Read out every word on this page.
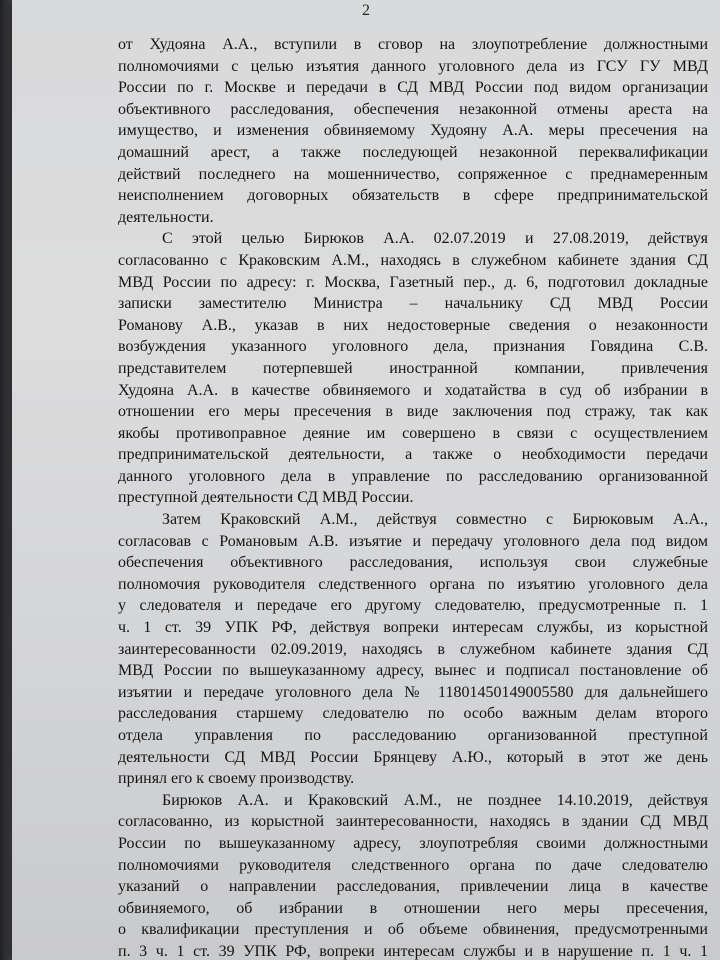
2
от Худояна А.А., вступили в сговор на злоупотребление должностными
полномочиями с целью изъятия данного уголовного дела из ГСУ ГУ МВД
России по г. Москве и передачи в СД МВД России под видом организации
объективного расследования, обеспечения незаконной отмены ареста на
имущество, и изменения обвиняемому Худояну А.А. меры пресечения на
домашний арест, а также последующей незаконной переквалификации
действий последнего на мошенничество, сопряженное с преднамеренным
неисполнением договорных обязательств в сфере предпринимательской
деятельности.
С этой целью Бирюков А.А. 02.07.2019 и 27.08.2019, действуя
согласованно с Краковским А.М., находясь в служебном кабинете здания СД
МВД России по адресу: г. Москва, Газетный пер., д. 6, подготовил докладные
записки заместителю Министра – начальнику СД МВД России
Романову А.В., указав в них недостоверные сведения о незаконности
возбуждения указанного уголовного дела, признания Говядина С.В.
представителем потерпевшей иностранной компании, привлечения
Худояна А.А. в качестве обвиняемого и ходатайства в суд об избрании в
отношении его меры пресечения в виде заключения под стражу, так как
якобы противоправное деяние им совершено в связи с осуществлением
предпринимательской деятельности, а также о необходимости передачи
данного уголовного дела в управление по расследованию организованной
преступной деятельности СД МВД России.
Затем Краковский А.М., действуя совместно с Бирюковым А.А.,
согласовав с Романовым А.В. изъятие и передачу уголовного дела под видом
обеспечения объективного расследования, используя свои служебные
полномочия руководителя следственного органа по изъятию уголовного дела
у следователя и передаче его другому следователю, предусмотренные п. 1
ч. 1 ст. 39 УПК РФ, действуя вопреки интересам службы, из корыстной
заинтересованности 02.09.2019, находясь в служебном кабинете здания СД
МВД России по вышеуказанному адресу, вынес и подписал постановление об
изъятии и передаче уголовного дела № 11801450149005580 для дальнейшего
расследования старшему следователю по особо важным делам второго
отдела управления по расследованию организованной преступной
деятельности СД МВД России Брянцеву А.Ю., который в этот же день
принял его к своему производству.
Бирюков А.А. и Краковский А.М., не позднее 14.10.2019, действуя
согласованно, из корыстной заинтересованности, находясь в здании СД МВД
России по вышеуказанному адресу, злоупотребляя своими должностными
полномочиями руководителя следственного органа по даче следователю
указаний о направлении расследования, привлечении лица в качестве
обвиняемого, об избрании в отношении него меры пресечения,
о квалификации преступления и об объеме обвинения, предусмотренными
п. 3 ч. 1 ст. 39 УПК РФ, вопреки интересам службы и в нарушение п. 1 ч. 1
